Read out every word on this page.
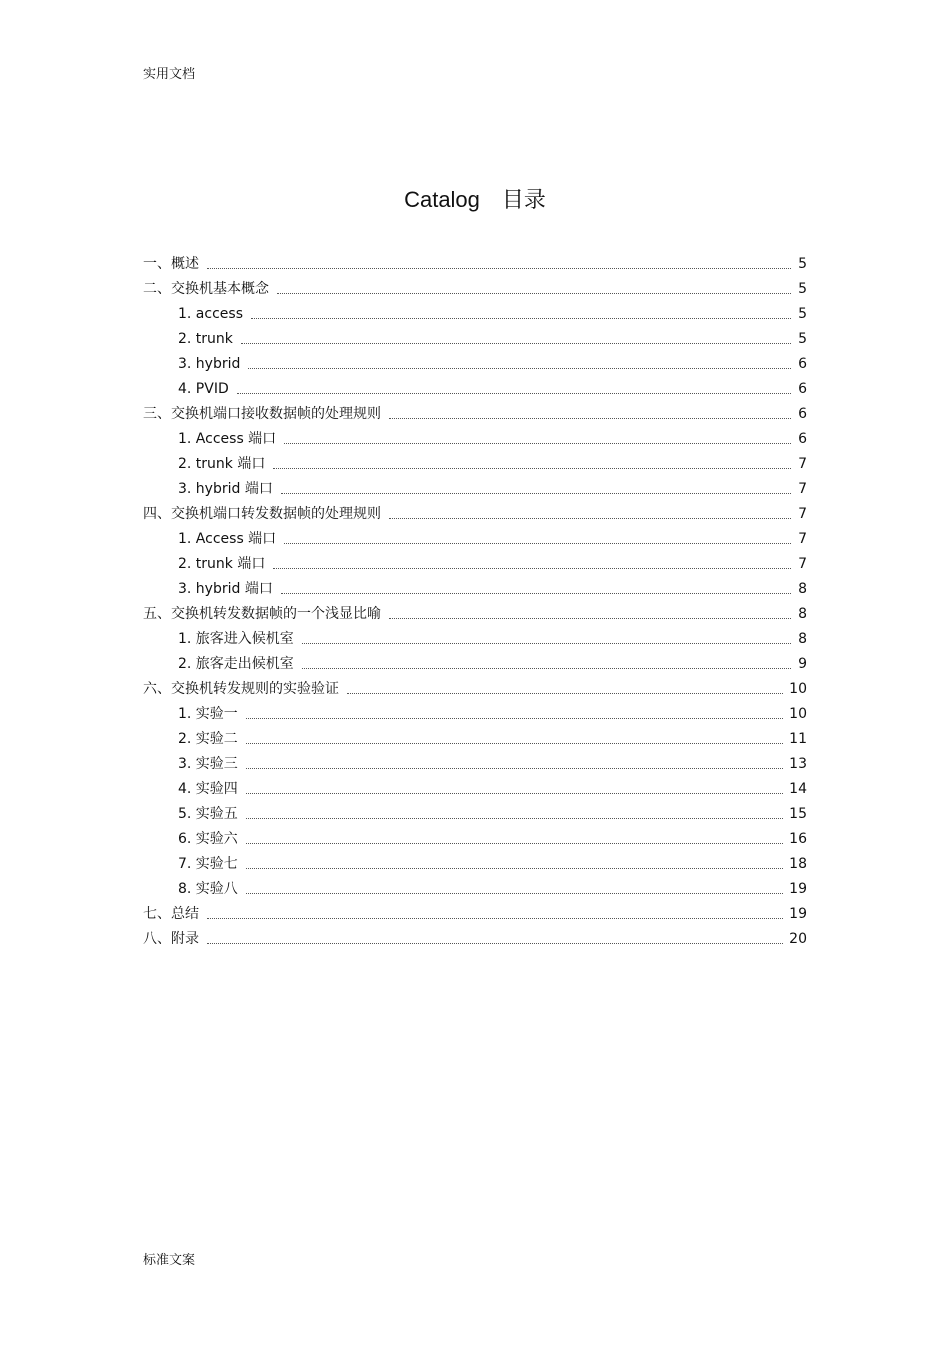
实用文档
Catalog　目录
一、概述	5
二、交换机基本概念	5
1. access	5
2. trunk	5
3. hybrid	6
4. PVID	6
三、交换机端口接收数据帧的处理规则	6
1. Access 端口	6
2. trunk 端口	7
3. hybrid 端口	7
四、交换机端口转发数据帧的处理规则	7
1. Access 端口	7
2. trunk 端口	7
3. hybrid 端口	8
五、交换机转发数据帧的一个浅显比喻	8
1. 旅客进入候机室	8
2. 旅客走出候机室	9
六、交换机转发规则的实验验证	10
1. 实验一	10
2. 实验二	11
3. 实验三	13
4. 实验四	14
5. 实验五	15
6. 实验六	16
7. 实验七	18
8. 实验八	19
七、总结	19
八、附录	20
标准文案
